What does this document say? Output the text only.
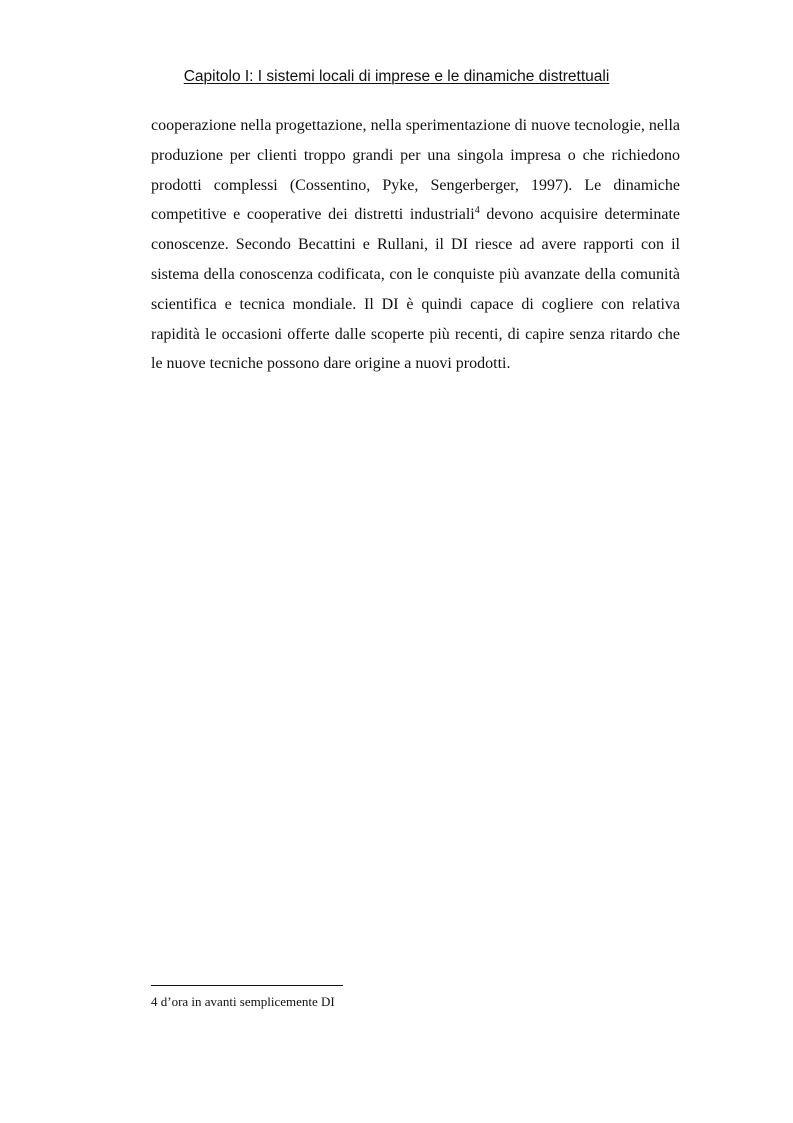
Capitolo I: I sistemi locali di imprese e le dinamiche distrettuali

cooperazione nella progettazione, nella sperimentazione di nuove tecnologie, nella produzione per clienti troppo grandi per una singola impresa o che richiedono prodotti complessi (Cossentino, Pyke, Sengerberger, 1997). Le dinamiche competitive e cooperative dei distretti industriali$^4$ devono acquisire determinate conoscenze. Secondo Becattini e Rullani, il DI riesce ad avere rapporti con il sistema della conoscenza codificata, con le conquiste più avanzate della comunità scientifica e tecnica mondiale. Il DI è quindi capace di cogliere con relativa rapidità le occasioni offerte dalle scoperte più recenti, di capire senza ritardo che le nuove tecniche possono dare origine a nuovi prodotti.

4 d’ora in avanti semplicemente DI
